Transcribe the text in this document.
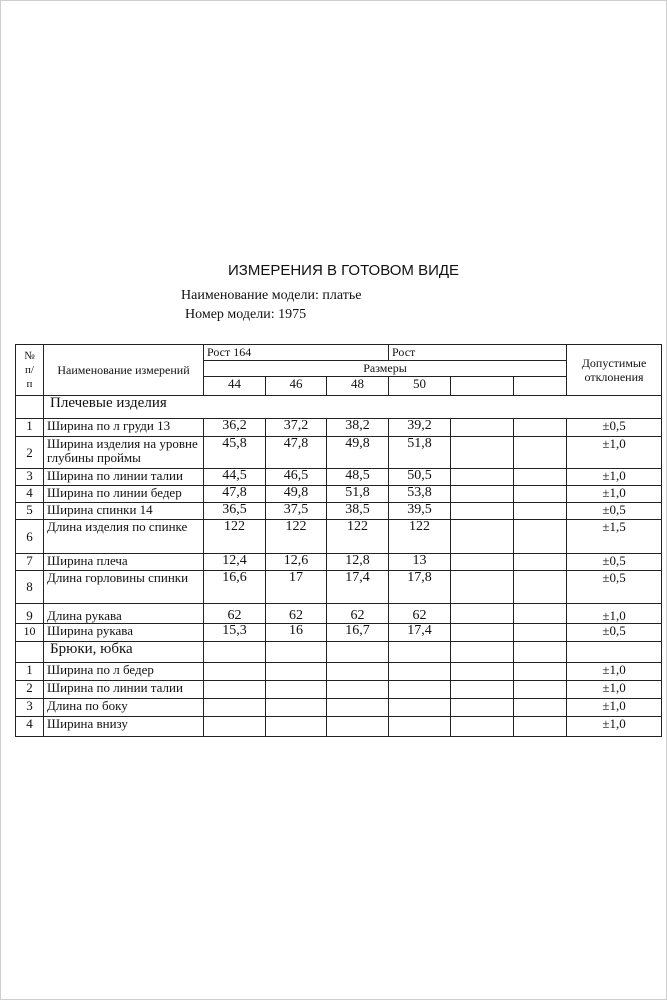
ИЗМЕРЕНИЯ В ГОТОВОМ ВИДЕ
Наименование модели: платье
Номер модели: 1975
№
п/
п	Наименование измерений	Рост 164			Рост			Допустимые отклонения
		Размеры						
		44	46	48	50			
	Плечевые изделия							
1	Ширина по л груди 13	36,2	37,2	38,2	39,2			±0,5
2	Ширина изделия на уровне глубины проймы	45,8	47,8	49,8	51,8			±1,0
3	Ширина по линии талии	44,5	46,5	48,5	50,5			±1,0
4	Ширина по линии бедер	47,8	49,8	51,8	53,8			±1,0
5	Ширина спинки 14	36,5	37,5	38,5	39,5			±0,5
6	Длина изделия по спинке	122	122	122	122			±1,5
7	Ширина плеча	12,4	12,6	12,8	13			±0,5
8	Длина горловины спинки	16,6	17	17,4	17,8			±0,5
9	Длина рукава	62	62	62	62			±1,0
10	Ширина рукава	15,3	16	16,7	17,4			±0,5
	Брюки, юбка							
1	Ширина по л бедер							±1,0
2	Ширина по линии талии							±1,0
3	Длина по боку							±1,0
4	Ширина внизу							±1,0
